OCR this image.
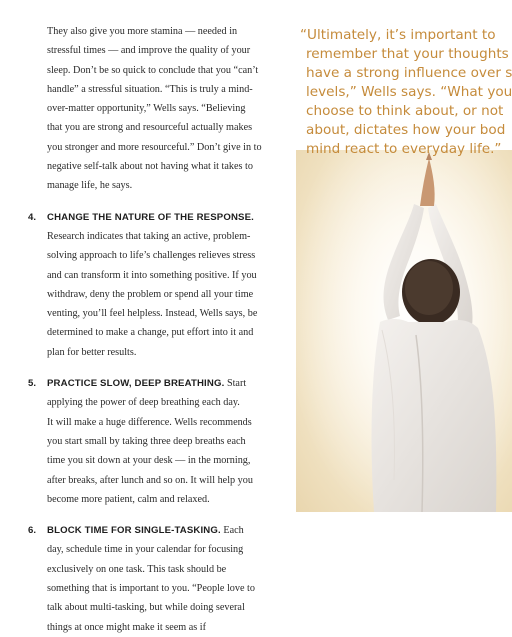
They also give you more stamina — needed in
stressful times — and improve the quality of your
sleep. Don’t be so quick to conclude that you “can’t
handle” a stressful situation. “This is truly a mind-
over-matter opportunity,” Wells says. “Believing
that you are strong and resourceful actually makes
you stronger and more resourceful.” Don’t give in to
negative self-talk about not having what it takes to
manage life, he says.

4. CHANGE THE NATURE OF THE RESPONSE.
Research indicates that taking an active, problem-
solving approach to life’s challenges relieves stress
and can transform it into something positive. If you
withdraw, deny the problem or spend all your time
venting, you’ll feel helpless. Instead, Wells says, be
determined to make a change, put effort into it and
plan for better results.
5. PRACTICE SLOW, DEEP BREATHING. Start
applying the power of deep breathing each day.
It will make a huge difference. Wells recommends
you start small by taking three deep breaths each
time you sit down at your desk — in the morning,
after breaks, after lunch and so on. It will help you
become more patient, calm and relaxed.
6. BLOCK TIME FOR SINGLE-TASKING. Each
day, schedule time in your calendar for focusing
exclusively on one task. This task should be
something that is important to you. “People love to
talk about multi-tasking, but while doing several
things at once might make it seem as if
“Ultimately, it’s important to
remember that your thoughts
have a strong influence over s
levels,” Wells says. “What you
choose to think about, or not
about, dictates how your bod
mind react to everyday life.”
